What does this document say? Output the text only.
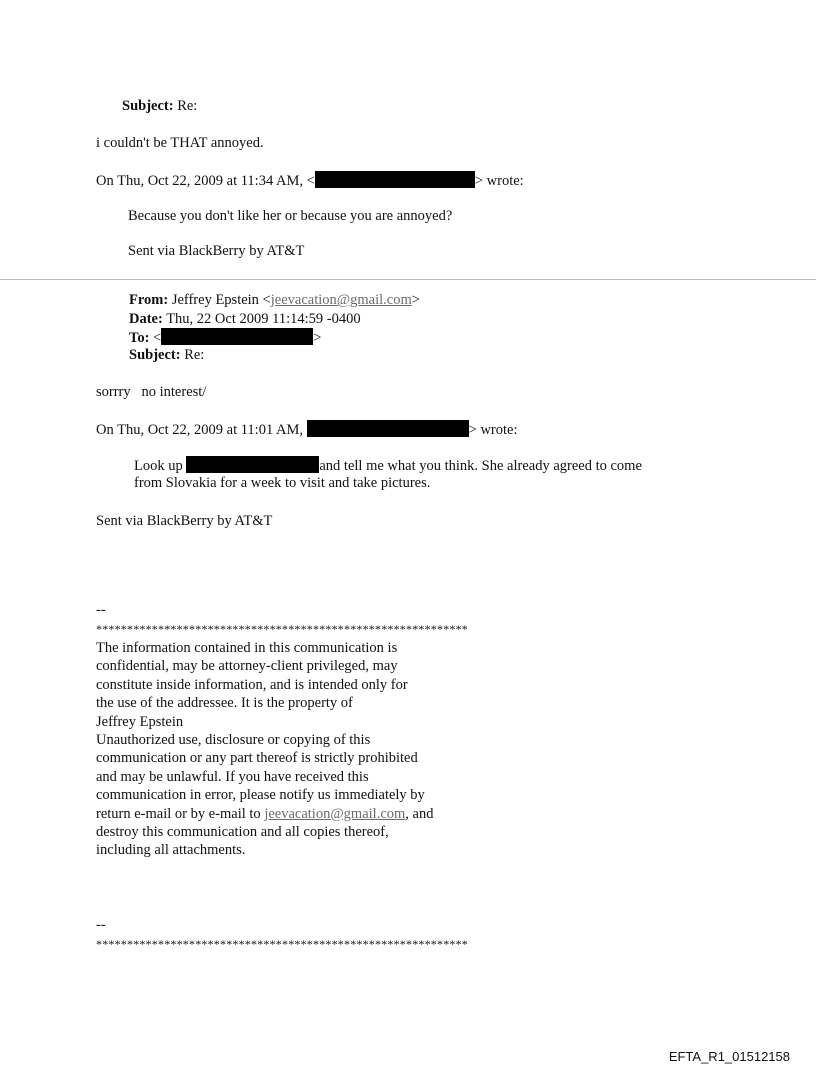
Subject: Re:
i couldn't be THAT annoyed.
On Thu, Oct 22, 2009 at 11:34 AM, <	> wrote:
Because you don't like her or because you are annoyed?
Sent via BlackBerry by AT&T
From: Jeffrey Epstein <jeevacation@gmail.com>
Date: Thu, 22 Oct 2009 11:14:59 -0400
To: <	>
Subject: Re:
sorrry   no interest/
On Thu, Oct 22, 2009 at 11:01 AM,	> wrote:
Look up	and tell me what you think. She already agreed to come
from Slovakia for a week to visit and take pictures.
Sent via BlackBerry by AT&T
--
************************************************************
The information contained in this communication is
confidential, may be attorney-client privileged, may
constitute inside information, and is intended only for
the use of the addressee. It is the property of
Jeffrey Epstein
Unauthorized use, disclosure or copying of this
communication or any part thereof is strictly prohibited
and may be unlawful. If you have received this
communication in error, please notify us immediately by
return e-mail or by e-mail to jeevacation@gmail.com, and
destroy this communication and all copies thereof,
including all attachments.
--
************************************************************
EFTA_R1_01512158
